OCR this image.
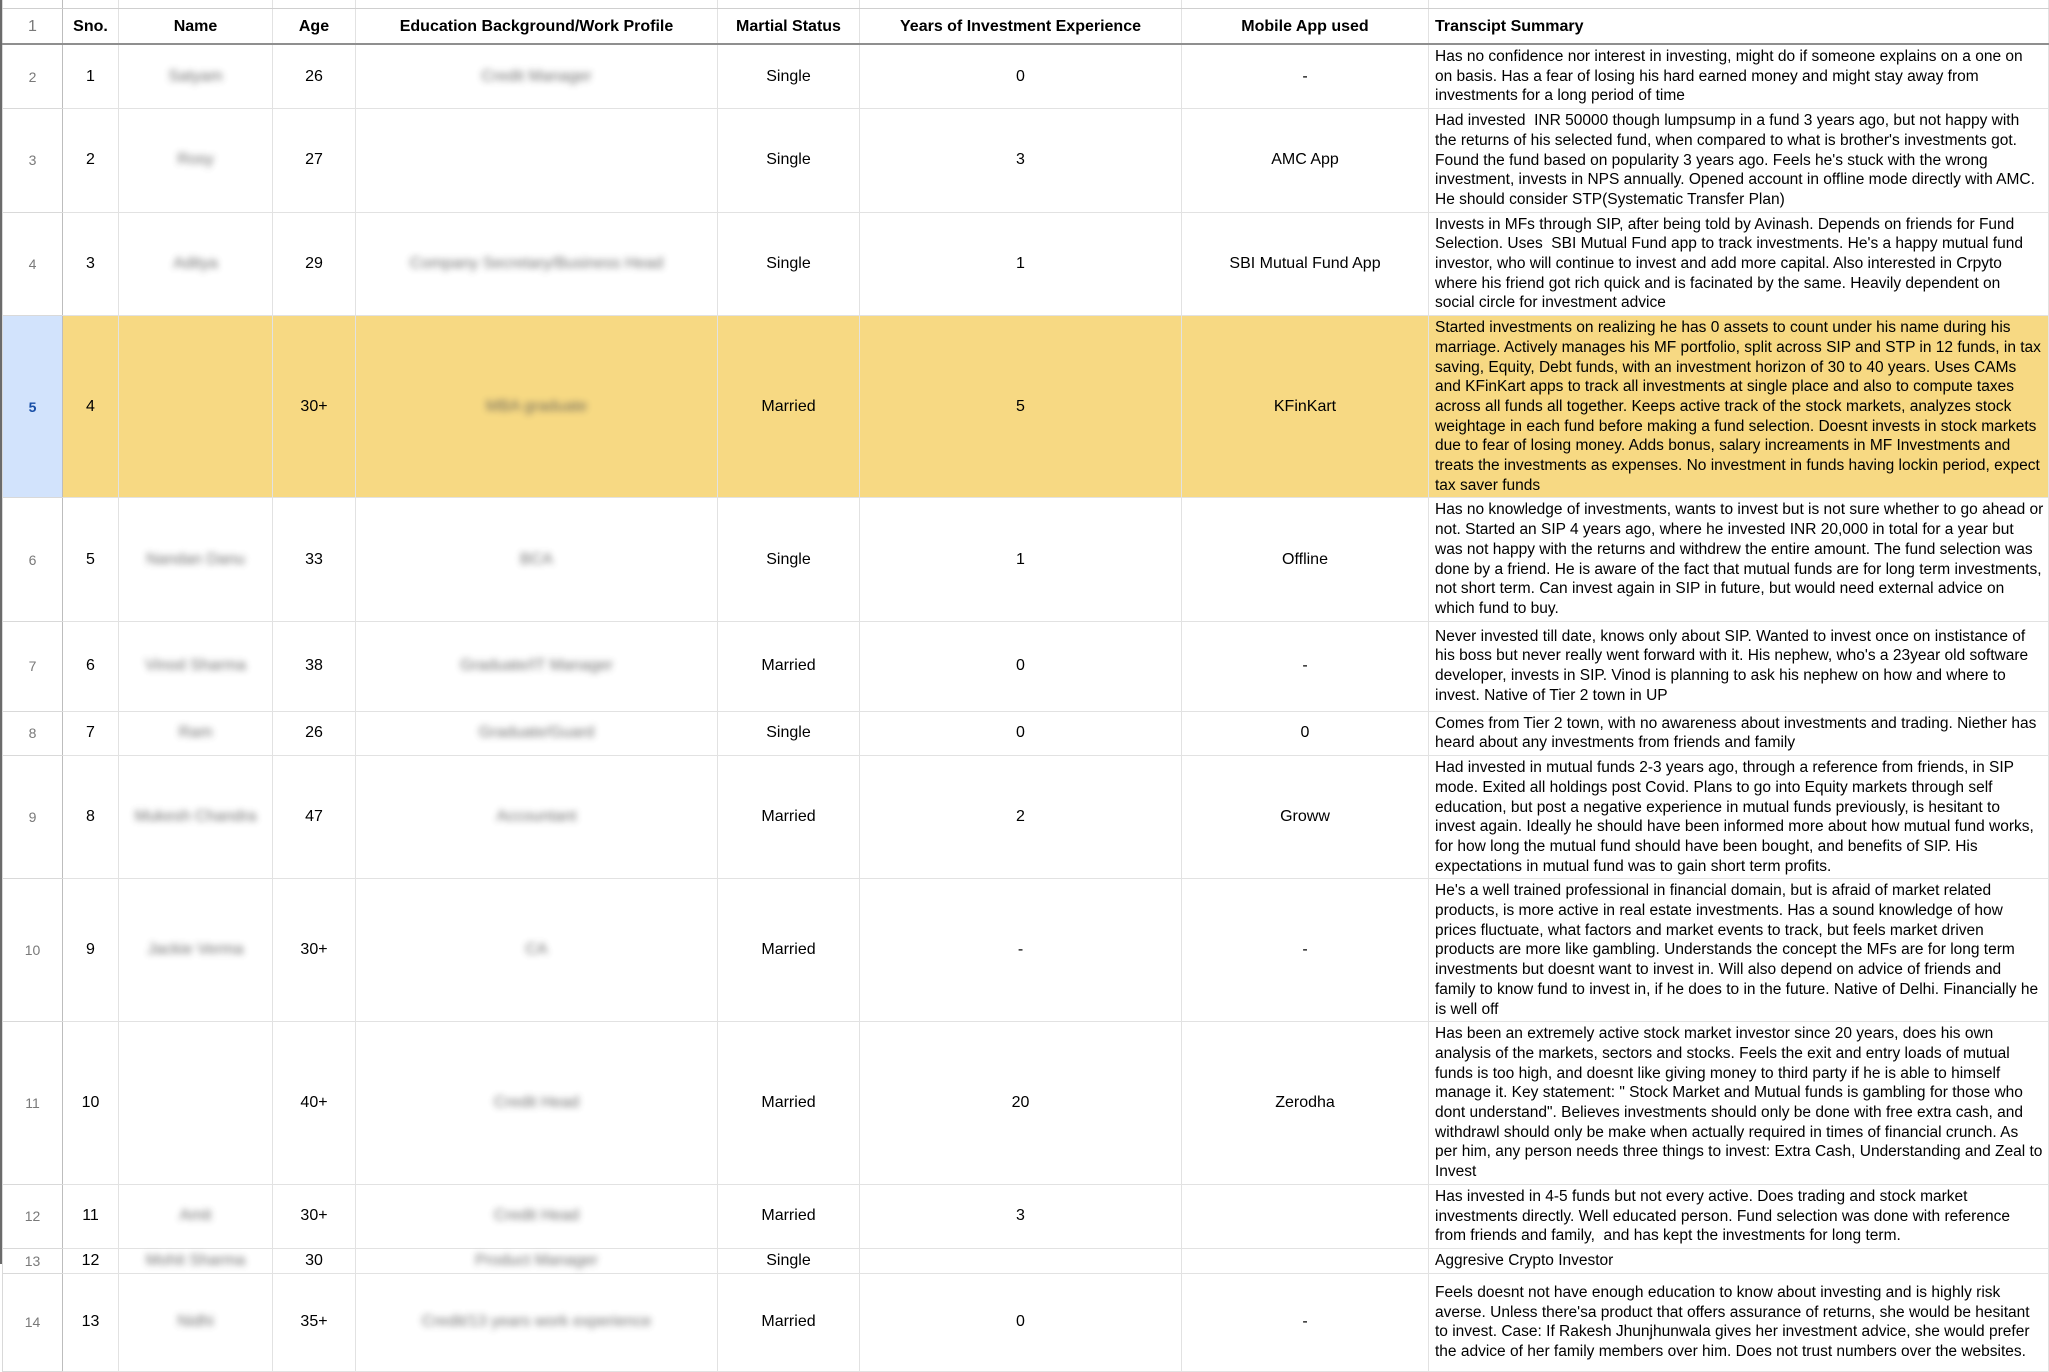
1	Sno.	Name	Age	Education Background/Work Profile	Martial Status	Years of Investment Experience	Mobile App used	Transcipt Summary
2	1	Satyam	26	Credit Manager	Single	0	-	Has no confidence nor interest in investing, might do if someone explains on a one on on basis. Has a fear of losing his hard earned money and might stay away from investments for a long period of time
3	2	Rosy	27		Single	3	AMC App	Had invested  INR 50000 though lumpsump in a fund 3 years ago, but not happy with the returns of his selected fund, when compared to what is brother's investments got. Found the fund based on popularity 3 years ago. Feels he's stuck with the wrong investment, invests in NPS annually. Opened account in offline mode directly with AMC. He should consider STP(Systematic Transfer Plan)
4	3	Aditya	29	Company Secretary/Business Head	Single	1	SBI Mutual Fund App	Invests in MFs through SIP, after being told by Avinash. Depends on friends for Fund Selection. Uses  SBI Mutual Fund app to track investments. He's a happy mutual fund investor, who will continue to invest and add more capital. Also interested in Crpyto where his friend got rich quick and is facinated by the same. Heavily dependent on social circle for investment advice
5	4		30+	MBA graduate	Married	5	KFinKart	Started investments on realizing he has 0 assets to count under his name during his marriage. Actively manages his MF portfolio, split across SIP and STP in 12 funds, in tax saving, Equity, Debt funds, with an investment horizon of 30 to 40 years. Uses CAMs and KFinKart apps to track all investments at single place and also to compute taxes across all funds all together. Keeps active track of the stock markets, analyzes stock weightage in each fund before making a fund selection. Doesnt invests in stock markets due to fear of losing money. Adds bonus, salary increaments in MF Investments and treats the investments as expenses. No investment in funds having lockin period, expect tax saver funds
6	5	Nandan Danu	33	BCA	Single	1	Offline	Has no knowledge of investments, wants to invest but is not sure whether to go ahead or not. Started an SIP 4 years ago, where he invested INR 20,000 in total for a year but was not happy with the returns and withdrew the entire amount. The fund selection was done by a friend. He is aware of the fact that mutual funds are for long term investments, not short term. Can invest again in SIP in future, but would need external advice on which fund to buy.
7	6	Vinod Sharma	38	Graduate/IT Manager	Married	0	-	Never invested till date, knows only about SIP. Wanted to invest once on instistance of his boss but never really went forward with it. His nephew, who's a 23year old software developer, invests in SIP. Vinod is planning to ask his nephew on how and where to invest. Native of Tier 2 town in UP
8	7	Ram	26	Graduate/Guard	Single	0	0	Comes from Tier 2 town, with no awareness about investments and trading. Niether has heard about any investments from friends and family
9	8	Mukesh Chandra	47	Accountant	Married	2	Groww	Had invested in mutual funds 2-3 years ago, through a reference from friends, in SIP mode. Exited all holdings post Covid. Plans to go into Equity markets through self education, but post a negative experience in mutual funds previously, is hesitant to invest again. Ideally he should have been informed more about how mutual fund works, for how long the mutual fund should have been bought, and benefits of SIP. His expectations in mutual fund was to gain short term profits.
10	9	Jackie Verma	30+	CA	Married	-	-	He's a well trained professional in financial domain, but is afraid of market related products, is more active in real estate investments. Has a sound knowledge of how prices fluctuate, what factors and market events to track, but feels market driven products are more like gambling. Understands the concept the MFs are for long term investments but doesnt want to invest in. Will also depend on advice of friends and family to know fund to invest in, if he does to in the future. Native of Delhi. Financially he is well off
11	10		40+	Credit Head	Married	20	Zerodha	Has been an extremely active stock market investor since 20 years, does his own analysis of the markets, sectors and stocks. Feels the exit and entry loads of mutual funds is too high, and doesnt like giving money to third party if he is able to himself manage it. Key statement: " Stock Market and Mutual funds is gambling for those who dont understand". Believes investments should only be done with free extra cash, and withdrawl should only be make when actually required in times of financial crunch. As per him, any person needs three things to invest: Extra Cash, Understanding and Zeal to Invest
12	11	Amit	30+	Credit Head	Married	3		Has invested in 4-5 funds but not every active. Does trading and stock market investments directly. Well educated person. Fund selection was done with reference from friends and family,  and has kept the investments for long term.
13	12	Mohit Sharma	30	Product Manager	Single			Aggresive Crypto Investor
14	13	Nidhi	35+	Credit/13 years work experience	Married	0	-	Feels doesnt not have enough education to know about investing and is highly risk averse. Unless there'sa product that offers assurance of returns, she would be hesitant to invest. Case: If Rakesh Jhunjhunwala gives her investment advice, she would prefer the advice of her family members over him. Does not trust numbers over the websites.
